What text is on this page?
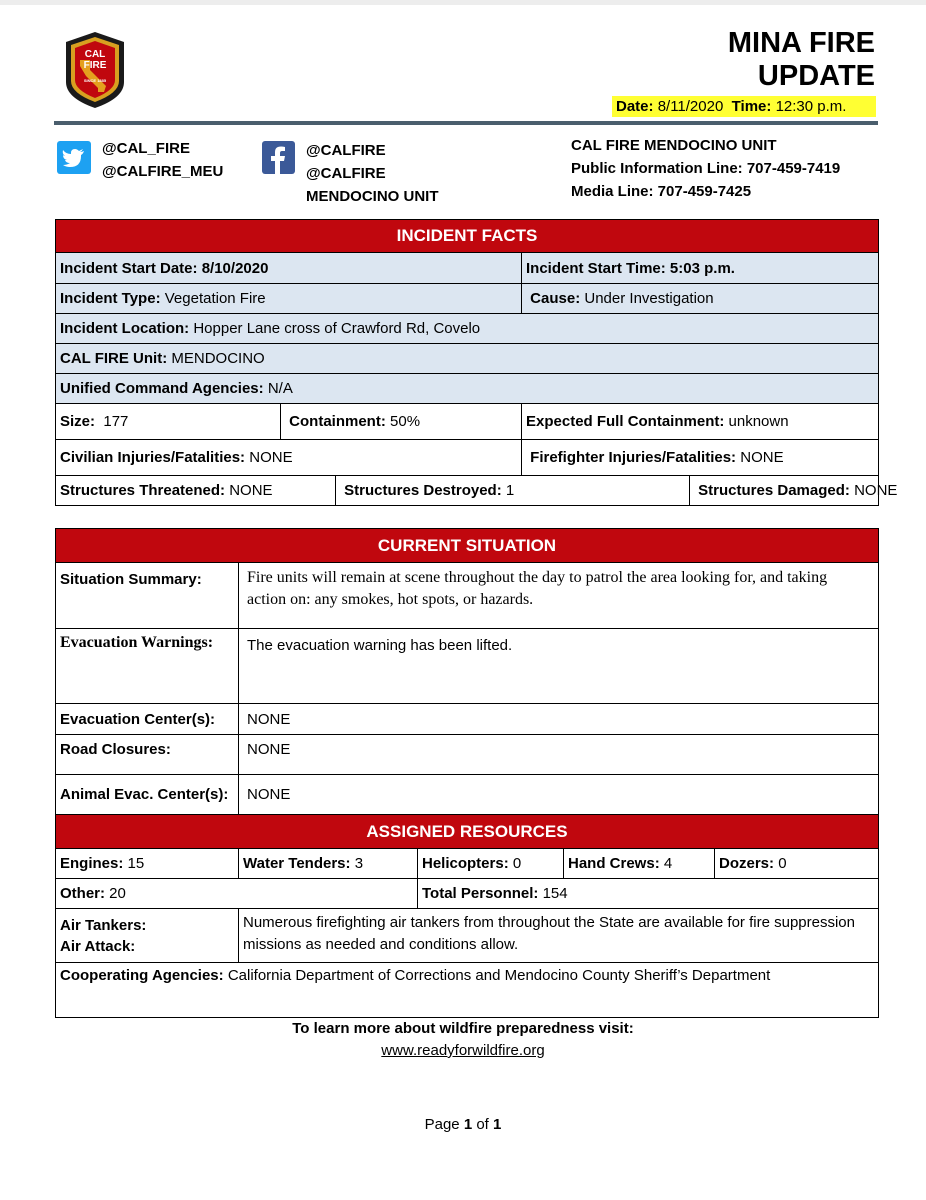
CAL
FIRE
SINCE 1885
MINA FIRE
UPDATE
Date: 8/11/2020 Time: 12:30 p.m.
@CAL_FIRE
@CALFIRE_MEU
@CALFIRE
@CALFIRE
MENDOCINO UNIT
CAL FIRE MENDOCINO UNIT
Public Information Line: 707-459-7419
Media Line: 707-459-7425
INCIDENT FACTS				
Incident Start Date: 8/10/2020			Incident Start Time: 5:03 p.m.	
Incident Type: Vegetation Fire			Cause: Under Investigation	
Incident Location: Hopper Lane cross of Crawford Rd, Covelo				
CAL FIRE Unit: MENDOCINO				
Unified Command Agencies: N/A				
Size: 177	Containment: 50%		Expected Full Containment: unknown	
Civilian Injuries/Fatalities: NONE			Firefighter Injuries/Fatalities: NONE	
Structures Threatened: NONE		Structures Destroyed: 1		Structures Damaged: NONE
CURRENT SITUATION				
Situation Summary:	Fire units will remain at scene throughout the day to patrol the area looking for, and taking action on: any smokes, hot spots, or hazards.			
Evacuation Warnings:	The evacuation warning has been lifted.			
Evacuation Center(s):	NONE			
Road Closures:	NONE			
Animal Evac. Center(s):	NONE			
ASSIGNED RESOURCES				
Engines: 15	Water Tenders: 3	Helicopters: 0	Hand Crews: 4	Dozers: 0
Other: 20		Total Personnel: 154		

Air Tankers:
Air Attack:	Numerous firefighting air tankers from throughout the State are available for fire suppression missions as needed and conditions allow.			
Cooperating Agencies: California Department of Corrections and Mendocino County Sheriff’s Department				
To learn more about wildfire preparedness visit:
www.readyforwildfire.org
Page 1 of 1
